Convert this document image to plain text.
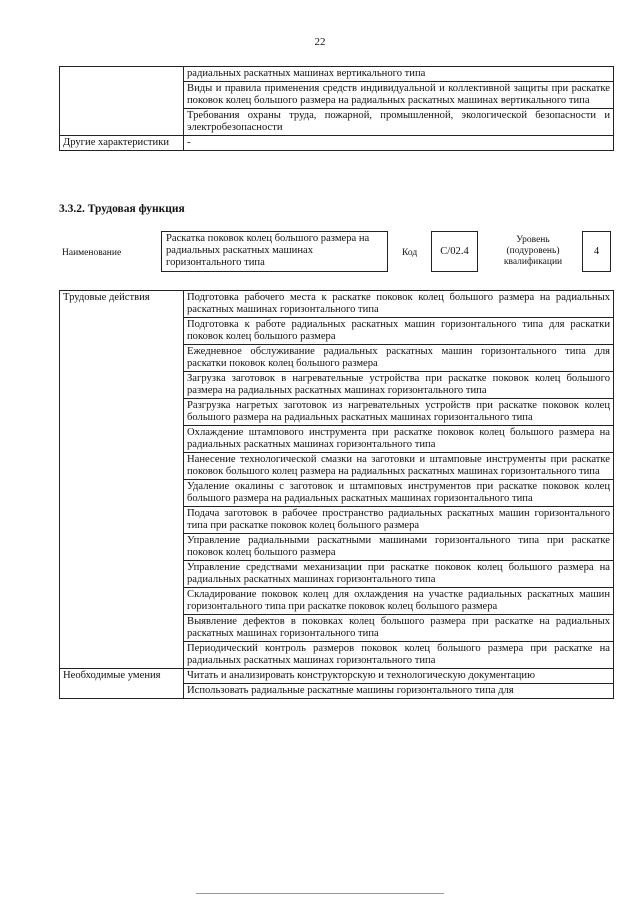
22
	радиальных раскатных машинах вертикального типа
	Виды и правила применения средств индивидуальной и коллективной защиты при раскатке поковок колец большого размера на радиальных раскатных машинах вертикального типа
	Требования охраны труда, пожарной, промышленной, экологической безопасности и электробезопасности
Другие характеристики	-
3.3.2. Трудовая функция
Наименование
Раскатка поковок колец большого размера на радиальных раскатных машинах горизонтального типа
Код	C/02.4
Уровень (подуровень) квалификации
4
Трудовые действия	Подготовка рабочего места к раскатке поковок колец большого размера на радиальных раскатных машинах горизонтального типа
	Подготовка к работе радиальных раскатных машин горизонтального типа для раскатки поковок колец большого размера
	Ежедневное обслуживание радиальных раскатных машин горизонтального типа для раскатки поковок колец большого размера
	Загрузка заготовок в нагревательные устройства при раскатке поковок колец большого размера на радиальных раскатных машинах горизонтального типа
	Разгрузка нагретых заготовок из нагревательных устройств при раскатке поковок колец большого размера на радиальных раскатных машинах горизонтального типа
	Охлаждение штампового инструмента при раскатке поковок колец большого размера на радиальных раскатных машинах горизонтального типа
	Нанесение технологической смазки на заготовки и штамповые инструменты при раскатке поковок большого колец размера на радиальных раскатных машинах горизонтального типа
	Удаление окалины с заготовок и штамповых инструментов при раскатке поковок колец большого размера на радиальных раскатных машинах горизонтального типа
	Подача заготовок в рабочее пространство радиальных раскатных машин горизонтального типа при раскатке поковок колец большого размера
	Управление радиальными раскатными машинами горизонтального типа при раскатке поковок колец большого размера
	Управление средствами механизации при раскатке поковок колец большого размера на радиальных раскатных машинах горизонтального типа
	Складирование поковок колец для охлаждения на участке радиальных раскатных машин горизонтального типа при раскатке поковок колец большого размера
	Выявление дефектов в поковках колец большого размера при раскатке на радиальных раскатных машинах горизонтального типа
	Периодический контроль размеров поковок колец большого размера при раскатке на радиальных раскатных машинах горизонтального типа
Необходимые умения	Читать и анализировать конструкторскую и технологическую документацию
	Использовать радиальные раскатные машины горизонтального типа для
